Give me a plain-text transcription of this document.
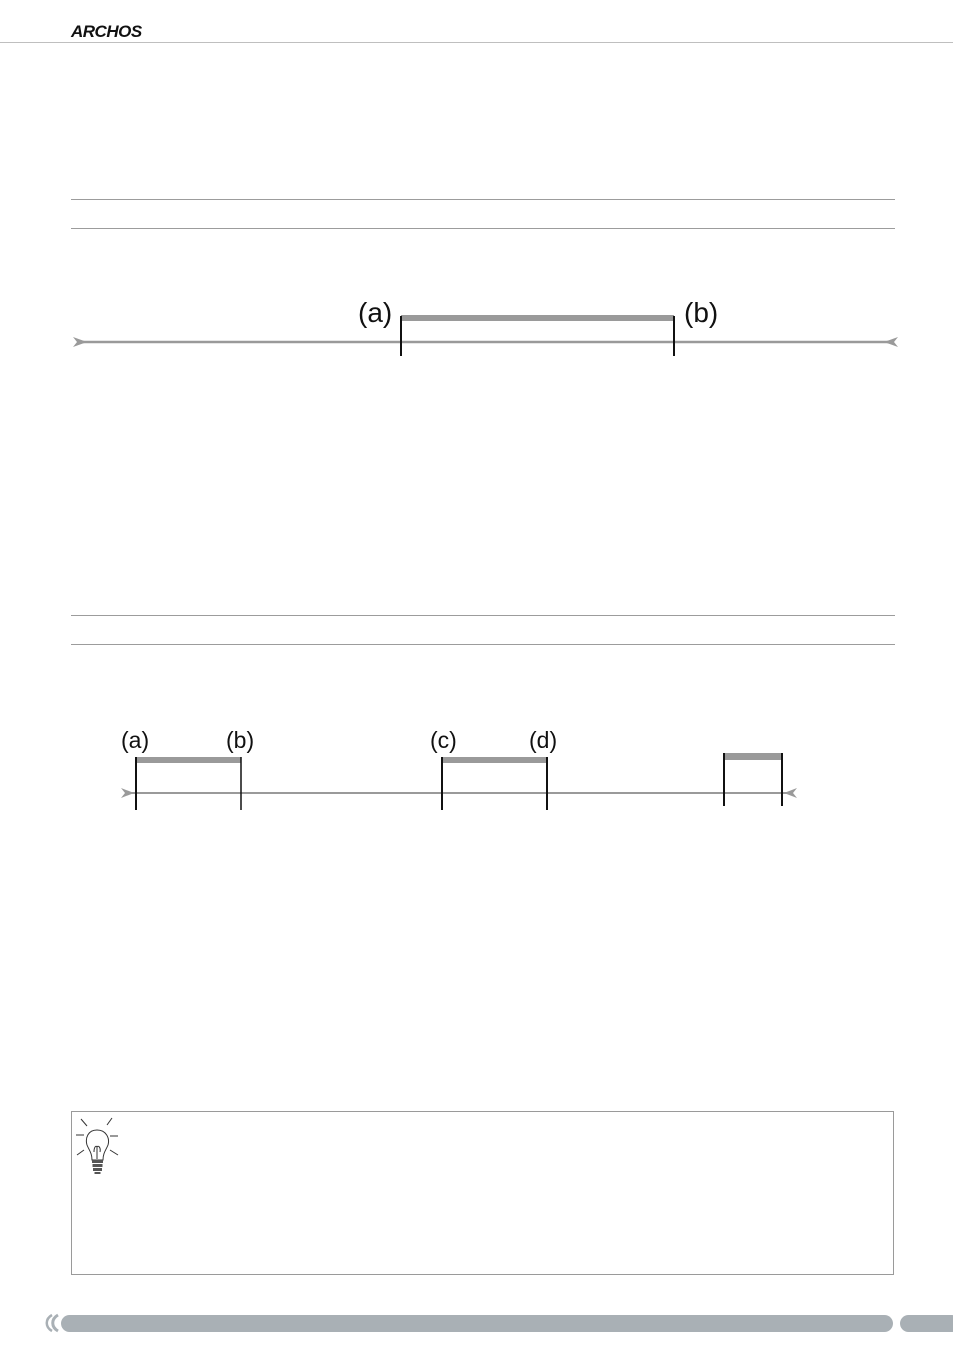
ARCHOS
(a)	(b)
(a)	(b)	(c)	(d)
